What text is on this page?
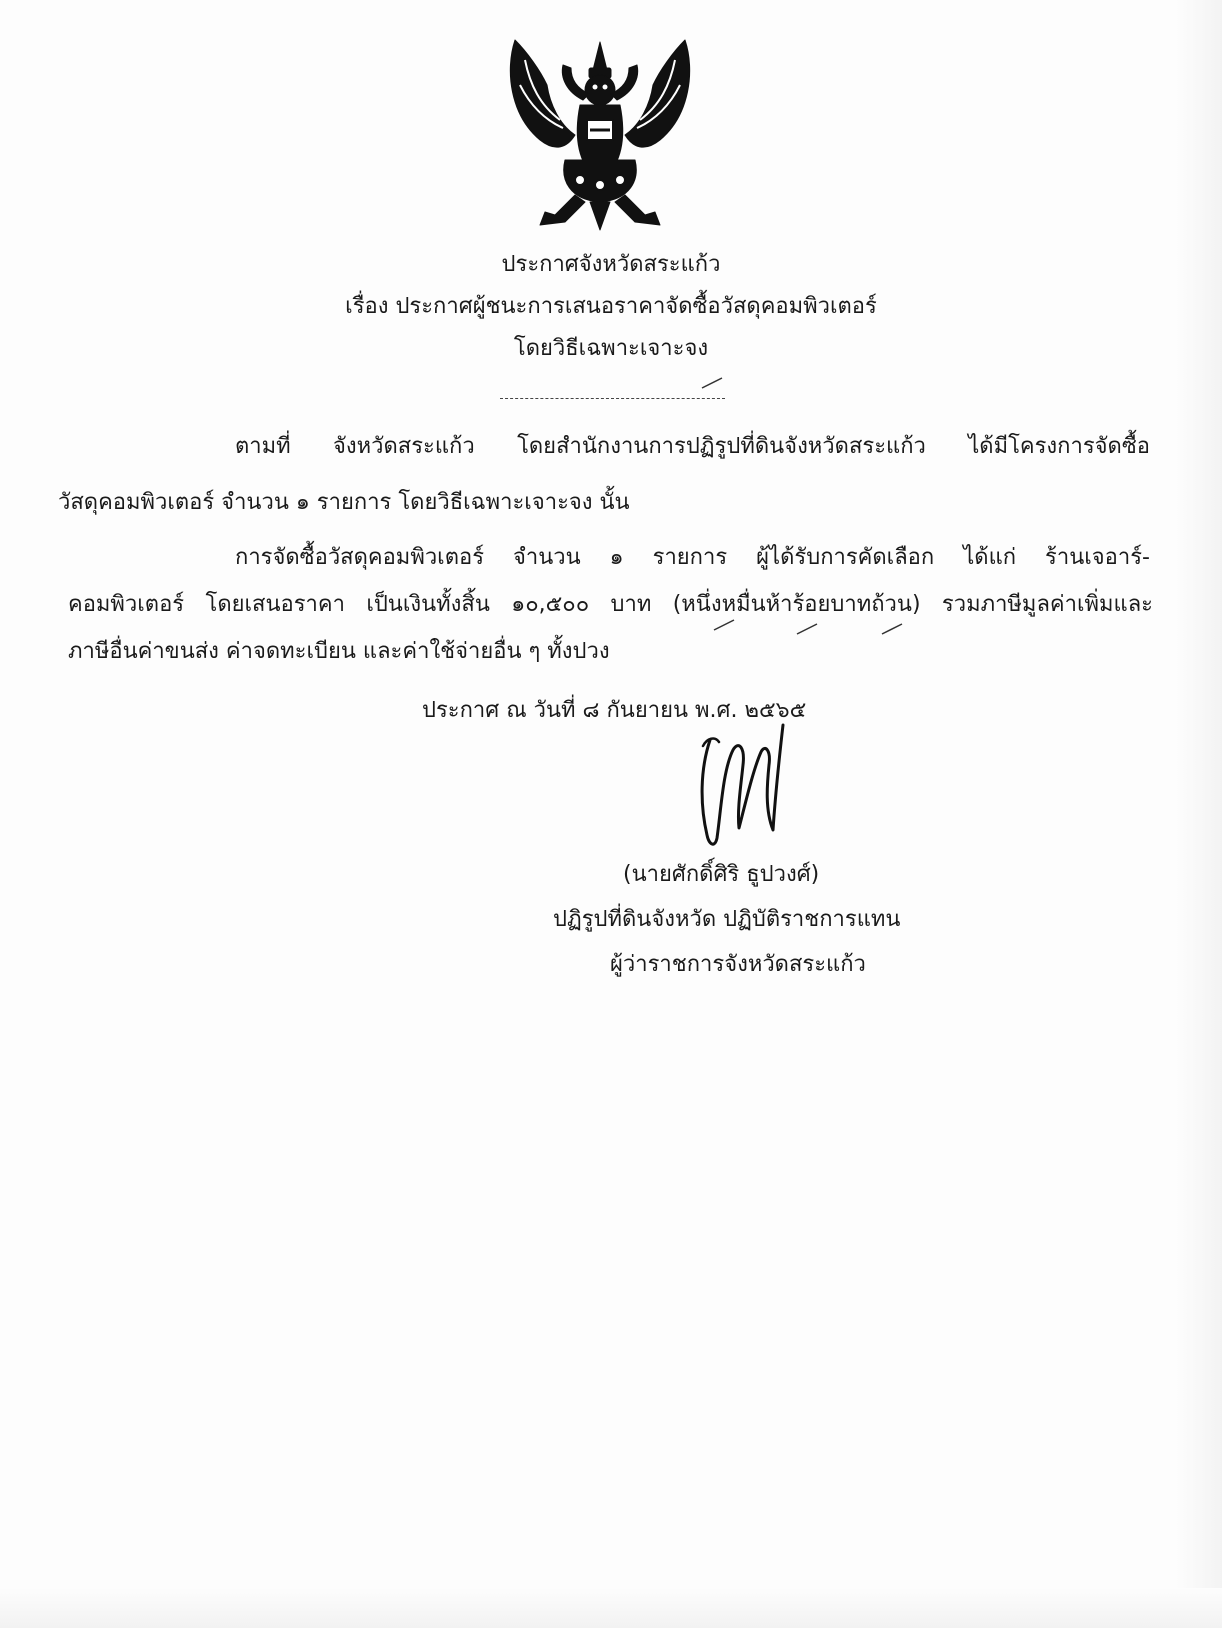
ประกาศจังหวัดสระแก้ว
เรื่อง ประกาศผู้ชนะการเสนอราคาจัดซื้อวัสดุคอมพิวเตอร์
โดยวิธีเฉพาะเจาะจง
ตามที่ จังหวัดสระแก้ว โดยสำนักงานการปฏิรูปที่ดินจังหวัดสระแก้ว ได้มีโครงการจัดซื้อ
วัสดุคอมพิวเตอร์ จำนวน ๑ รายการ โดยวิธีเฉพาะเจาะจง นั้น
การจัดซื้อวัสดุคอมพิวเตอร์ จำนวน ๑ รายการ ผู้ได้รับการคัดเลือก ได้แก่ ร้านเจอาร์-
คอมพิวเตอร์ โดยเสนอราคา เป็นเงินทั้งสิ้น ๑๐,๕๐๐ บาท (หนึ่งหมื่นห้าร้อยบาทถ้วน) รวมภาษีมูลค่าเพิ่มและ
ภาษีอื่นค่าขนส่ง ค่าจดทะเบียน และค่าใช้จ่ายอื่น ๆ ทั้งปวง
ประกาศ ณ วันที่ ๘ กันยายน พ.ศ. ๒๕๖๕
(นายศักดิ์ศิริ ธูปวงศ์)
ปฏิรูปที่ดินจังหวัด ปฏิบัติราชการแทน
ผู้ว่าราชการจังหวัดสระแก้ว
